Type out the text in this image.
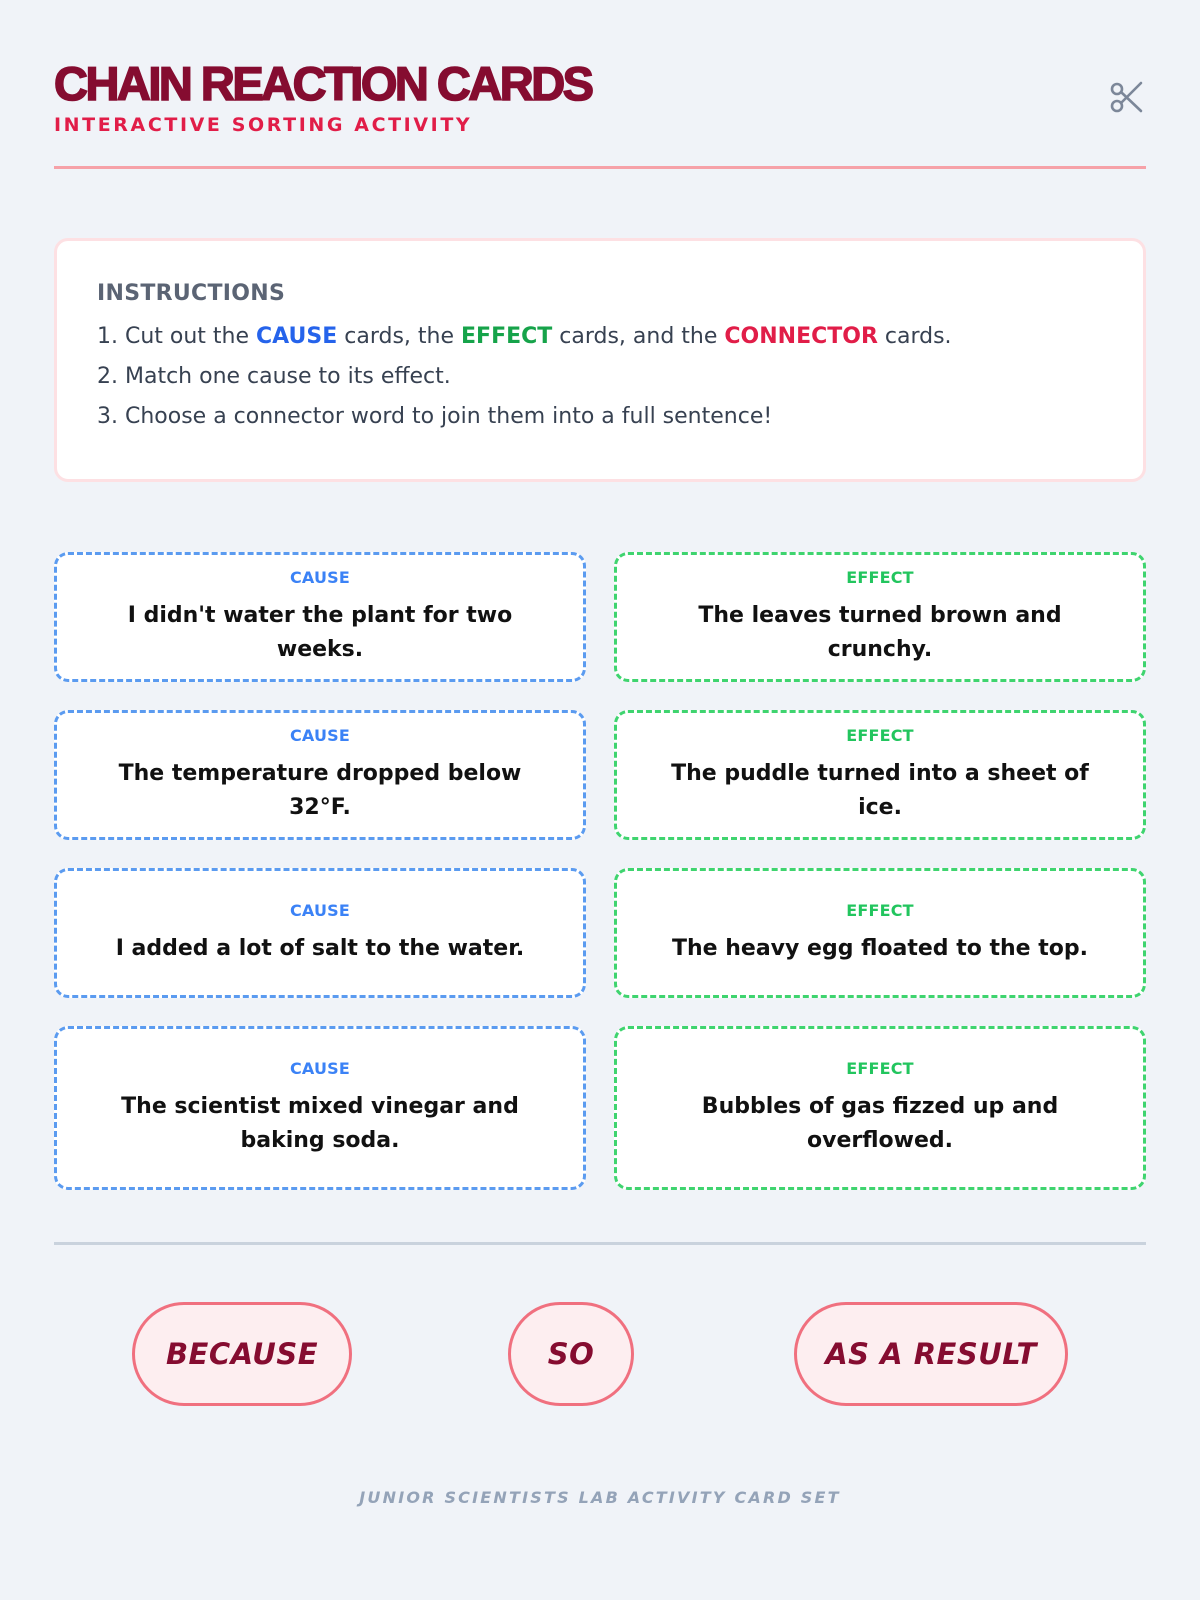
CHAIN REACTION CARDS
INTERACTIVE SORTING ACTIVITY
INSTRUCTIONS
1. Cut out the CAUSE cards, the EFFECT cards, and the CONNECTOR cards.
2. Match one cause to its effect.
3. Choose a connector word to join them into a full sentence!
CAUSE
I didn't water the plant for two weeks.
EFFECT
The leaves turned brown and crunchy.
CAUSE
The temperature dropped below 32°F.
EFFECT
The puddle turned into a sheet of ice.
CAUSE
I added a lot of salt to the water.
EFFECT
The heavy egg floated to the top.
CAUSE
The scientist mixed vinegar and baking soda.
EFFECT
Bubbles of gas fizzed up and overflowed.
BECAUSE	SO	AS A RESULT
JUNIOR SCIENTISTS LAB ACTIVITY CARD SET
